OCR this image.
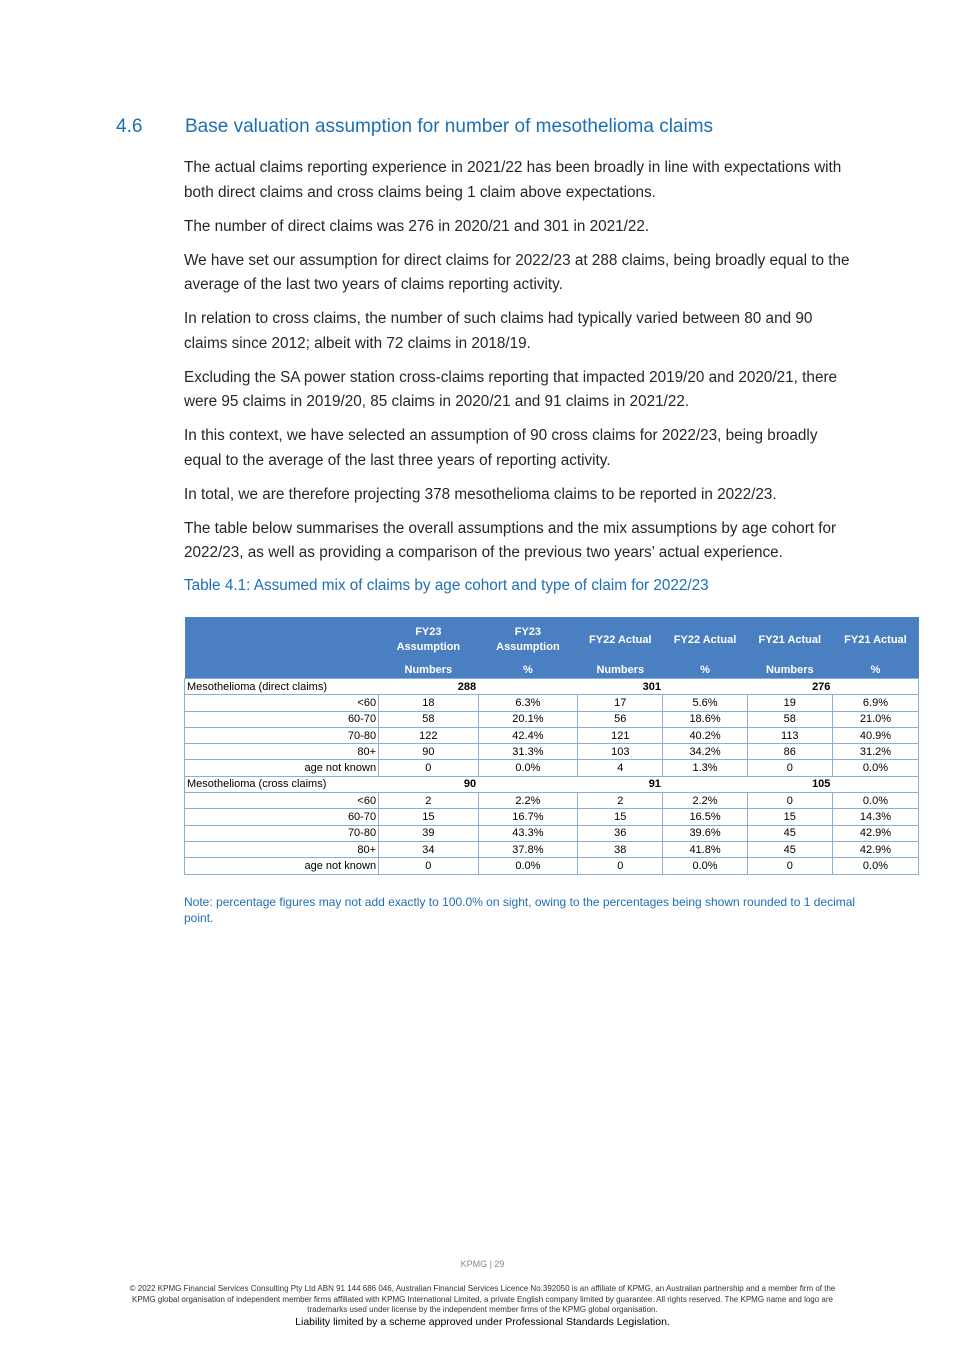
4.6 Base valuation assumption for number of mesothelioma claims

The actual claims reporting experience in 2021/22 has been broadly in line with expectations with both direct claims and cross claims being 1 claim above expectations.

The number of direct claims was 276 in 2020/21 and 301 in 2021/22.

We have set our assumption for direct claims for 2022/23 at 288 claims, being broadly equal to the average of the last two years of claims reporting activity.

In relation to cross claims, the number of such claims had typically varied between 80 and 90 claims since 2012; albeit with 72 claims in 2018/19.

Excluding the SA power station cross-claims reporting that impacted 2019/20 and 2020/21, there were 95 claims in 2019/20, 85 claims in 2020/21 and 91 claims in 2021/22.

In this context, we have selected an assumption of 90 cross claims for 2022/23, being broadly equal to the average of the last three years of reporting activity.

In total, we are therefore projecting 378 mesothelioma claims to be reported in 2022/23.

The table below summarises the overall assumptions and the mix assumptions by age cohort for 2022/23, as well as providing a comparison of the previous two years’ actual experience.

Table 4.1: Assumed mix of claims by age cohort and type of claim for 2022/23
	FY23 Assumption	FY23 Assumption	FY22 Actual	FY22 Actual	FY21 Actual	FY21 Actual
	Numbers	%	Numbers	%	Numbers	%
Mesothelioma (direct claims)	288		301		276	
<60	18	6.3%	17	5.6%	19	6.9%
60-70	58	20.1%	56	18.6%	58	21.0%
70-80	122	42.4%	121	40.2%	113	40.9%
80+	90	31.3%	103	34.2%	86	31.2%
age not known	0	0.0%	4	1.3%	0	0.0%
Mesothelioma (cross claims)	90		91		105	
<60	2	2.2%	2	2.2%	0	0.0%
60-70	15	16.7%	15	16.5%	15	14.3%
70-80	39	43.3%	36	39.6%	45	42.9%
80+	34	37.8%	38	41.8%	45	42.9%
age not known	0	0.0%	0	0.0%	0	0.0%
Note: percentage figures may not add exactly to 100.0% on sight, owing to the percentages being shown rounded to 1 decimal point.
KPMG | 29
© 2022 KPMG Financial Services Consulting Pty Ltd ABN 91 144 686 046, Australian Financial Services Licence No.392050 is an affiliate of KPMG, an Australian partnership and a member firm of the KPMG global organisation of independent member firms affiliated with KPMG International Limited, a private English company limited by guarantee. All rights reserved. The KPMG name and logo are trademarks used under license by the independent member firms of the KPMG global organisation.
Liability limited by a scheme approved under Professional Standards Legislation.
